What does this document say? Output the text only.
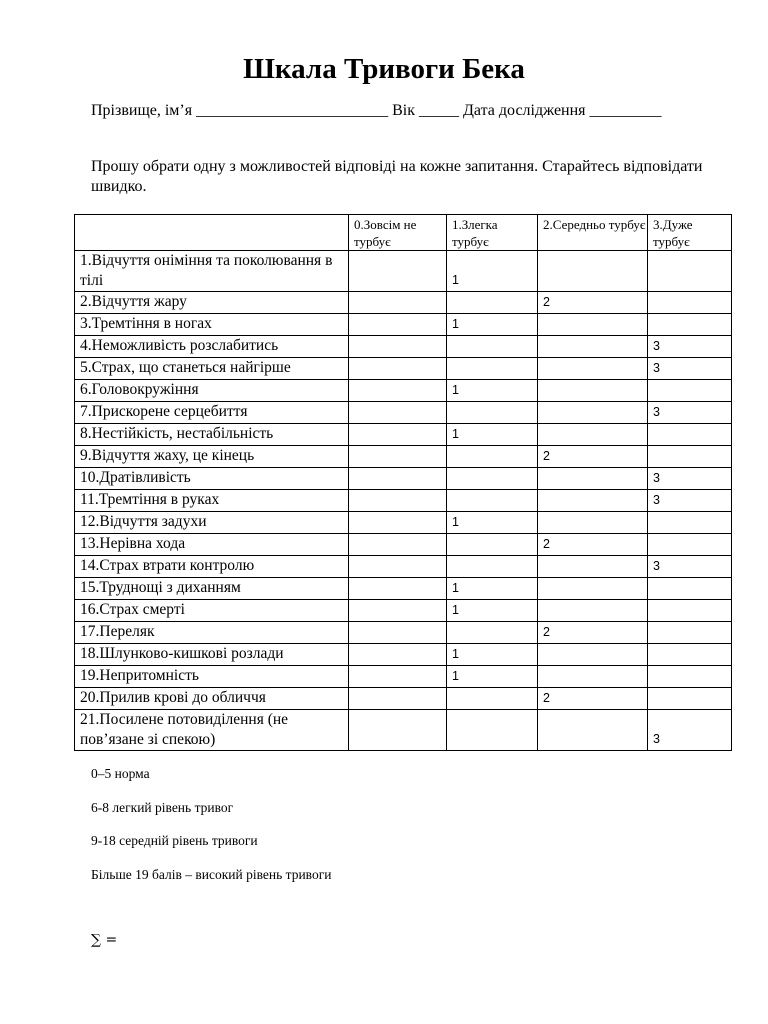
Шкала Тривоги Бека
Прізвище, ім’я ________________________ Вік _____ Дата дослідження _________
Прошу обрати одну з можливостей відповіді на кожне запитання. Старайтесь відповідати швидко.
	0.Зовсім не турбує	1.Злегка турбує	2.Середньо турбує	3.Дуже турбує
1.Відчуття оніміння та поколювання в тілі		1		
2.Відчуття жару			2	
3.Тремтіння в ногах		1		
4.Неможливість розслабитись				3
5.Страх, що станеться найгірше				3
6.Головокружіння		1		
7.Прискорене серцебиття				3
8.Нестійкість, нестабільність		1		
9.Відчуття жаху, це кінець			2	
10.Дратівливість				3
11.Тремтіння в руках				3
12.Відчуття задухи		1		
13.Нерівна хода			2	
14.Страх втрати контролю				3
15.Труднощі з диханням		1		
16.Страх смерті		1		
17.Переляк			2	
18.Шлунково-кишкові розлади		1		
19.Непритомність		1		
20.Прилив крові до обличчя			2	
21.Посилене потовиділення (не пов’язане зі спекою)				3
0–5 норма
6-8 легкий рівень тривог
9-18 середній рівень тривоги
Більше 19 балів – високий рівень тривоги
∑ =
